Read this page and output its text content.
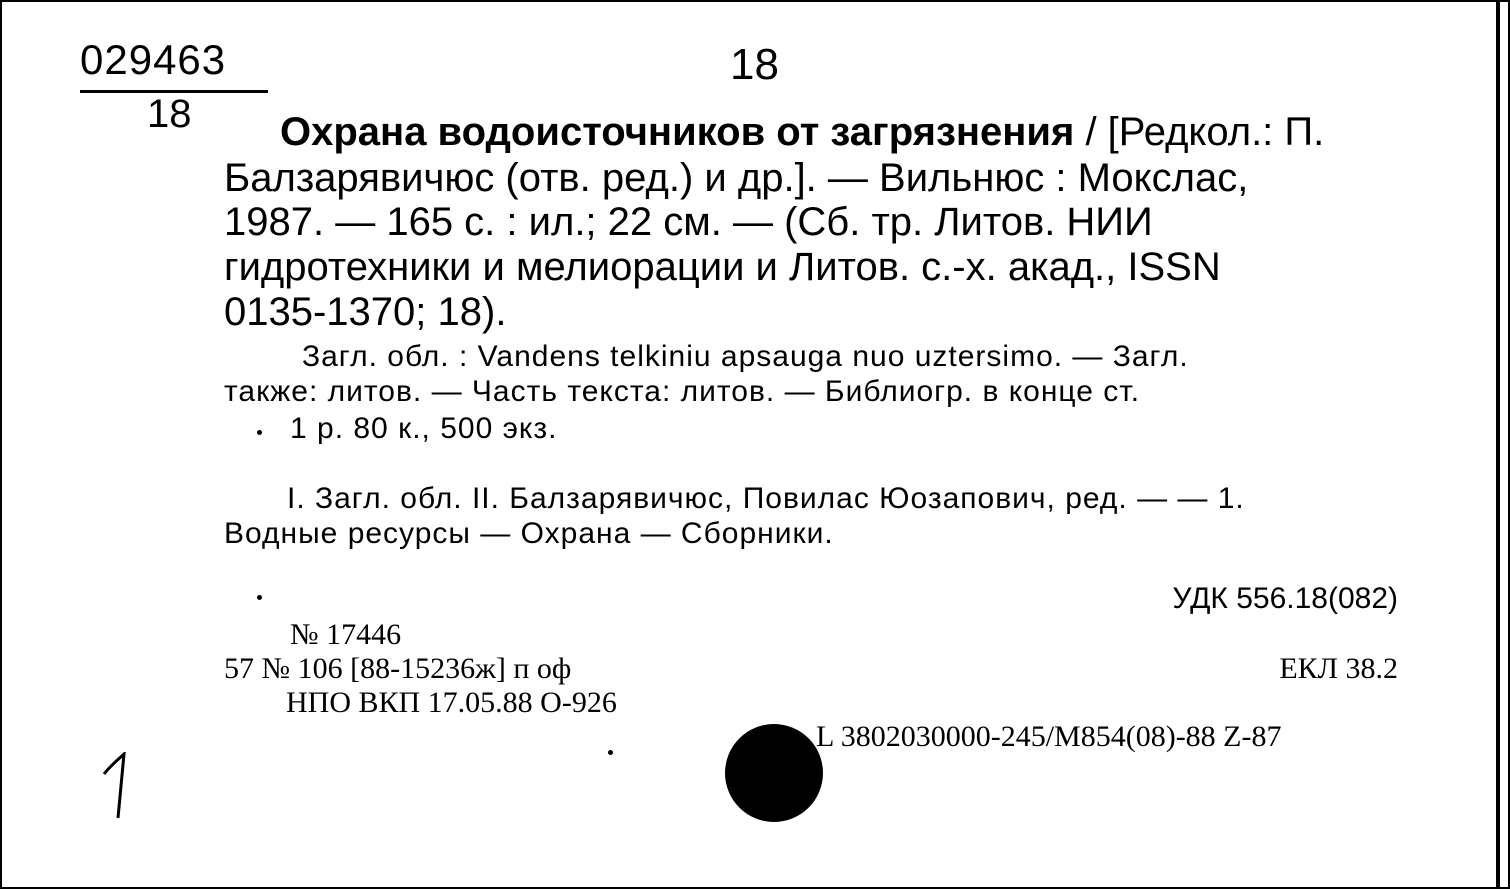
029463
18
18
Охрана водоисточников от загрязнения / [Редкол.: П.
Балзарявичюс (отв. ред.) и др.]. — Вильнюс : Мокслас,
1987. — 165 с. : ил.; 22 см. — (Сб. тр. Литов. НИИ
гидротехники и мелиорации и Литов. с.-х. акад., ISSN
0135-1370; 18).
Загл. обл. : Vandens telkiniu apsauga nuo uztersimo. — Загл.
также: литов. — Часть текста: литов. — Библиогр. в конце ст.
1 р. 80 к., 500 экз.
I. Загл. обл. II. Балзарявичюс, Повилас Юозапович, ред. — — 1.
Водные ресурсы — Охрана — Сборники.
УДК 556.18(082)
№ 17446
57 № 106 [88-15236ж] п оф
НПО ВКП 17.05.88 О-926
ЕКЛ 38.2
L 3802030000-245/М854(08)-88 Z-87
